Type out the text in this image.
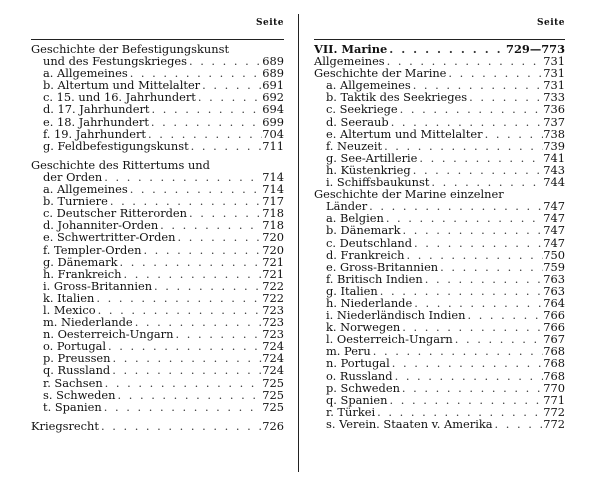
Seite
Geschichte der Befestigungskunst
und des Festungskrieges . . .	689
a. Allgemeines . . .	689
b. Altertum und Mittelalter . . .	691
c. 15. und 16. Jahrhundert . . .	692
d. 17. Jahrhundert . . .	694
e. 18. Jahrhundert . . .	699
f. 19. Jahrhundert . . .	704
g. Feldbefestigungskunst . . .	711
Geschichte des Rittertums und
der Orden . . .	714
a. Allgemeines . . .	714
b. Turniere . . .	717
c. Deutscher Ritterorden . . .	718
d. Johanniter-Orden . . .	718
e. Schwertritter-Orden . . .	720
f. Templer-Orden . . .	720
g. Dänemark . . .	721
h. Frankreich . . .	721
i. Gross-Britannien . . .	722
k. Italien . . .	722
l. Mexico . . .	723
m. Niederlande . . .	723
n. Oesterreich-Ungarn . . .	723
o. Portugal . . .	724
p. Preussen . . .	724
q. Russland . . .	724
r. Sachsen . . .	725
s. Schweden . . .	725
t. Spanien . . .	725
Kriegsrecht . . .	726
Seite
VII. Marine . . .	729—773
Allgemeines . . .	731
Geschichte der Marine . . .	731
a. Allgemeines . . .	731
b. Taktik des Seekrieges . . .	733
c. Seekriege . . .	736
d. Seeraub . . .	737
e. Altertum und Mittelalter . . .	738
f. Neuzeit . . .	739
g. See-Artillerie . . .	741
h. Küstenkrieg . . .	743
i. Schiffsbaukunst . . .	744
Geschichte der Marine einzelner
Länder . . .	747
a. Belgien . . .	747
b. Dänemark . . .	747
c. Deutschland . . .	747
d. Frankreich . . .	750
e. Gross-Britannien . . .	759
f. Britisch Indien . . .	763
g. Italien . . .	763
h. Niederlande . . .	764
i. Niederländisch Indien . . .	766
k. Norwegen . . .	766
l. Oesterreich-Ungarn . . .	767
m. Peru . . .	768
n. Portugal . . .	768
o. Russland . . .	768
p. Schweden . . .	770
q. Spanien . . .	771
r. Türkei . . .	772
s. Verein. Staaten v. Amerika . . .	772
